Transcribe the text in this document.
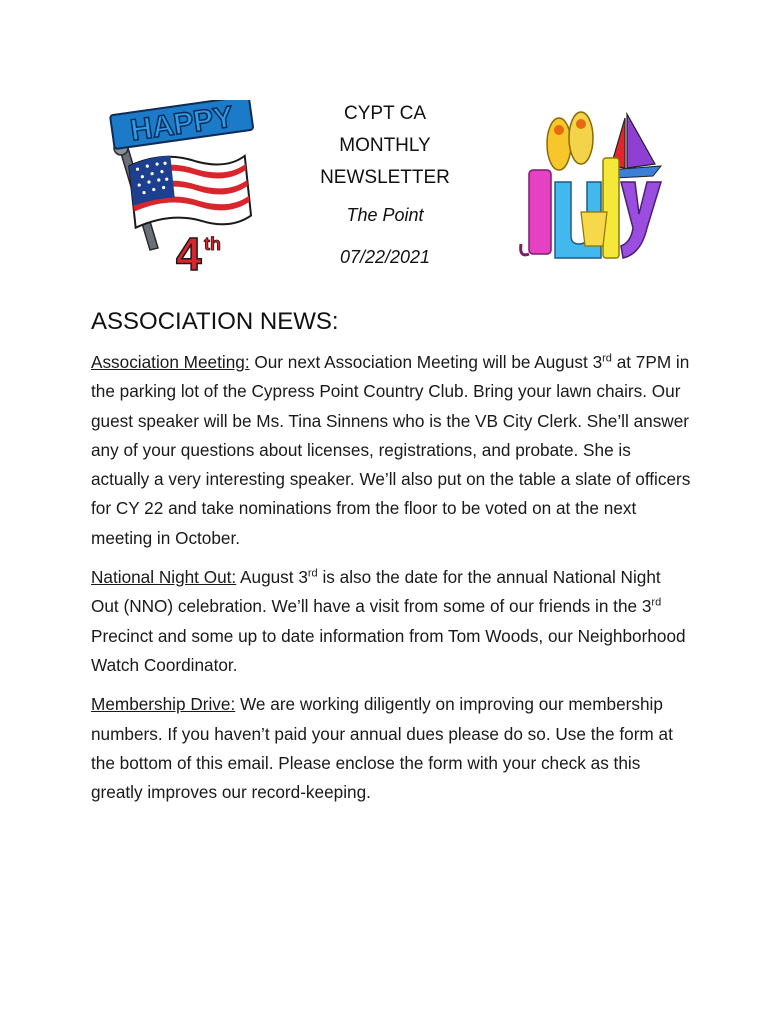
HAPPY
4 th
CYPT CA
MONTHLY
NEWSLETTER
The Point
07/22/2021	july
ASSOCIATION NEWS:

Association Meeting: Our next Association Meeting will be August 3rd at 7PM in the parking lot of the Cypress Point Country Club. Bring your lawn chairs. Our guest speaker will be Ms. Tina Sinnens who is the VB City Clerk. She’ll answer any of your questions about licenses, registrations, and probate. She is actually a very interesting speaker. We’ll also put on the table a slate of officers for CY 22 and take nominations from the floor to be voted on at the next meeting in October.

National Night Out: August 3rd is also the date for the annual National Night Out (NNO) celebration. We’ll have a visit from some of our friends in the 3rd Precinct and some up to date information from Tom Woods, our Neighborhood Watch Coordinator.

Membership Drive: We are working diligently on improving our membership numbers. If you haven’t paid your annual dues please do so. Use the form at the bottom of this email. Please enclose the form with your check as this greatly improves our record-keeping.
